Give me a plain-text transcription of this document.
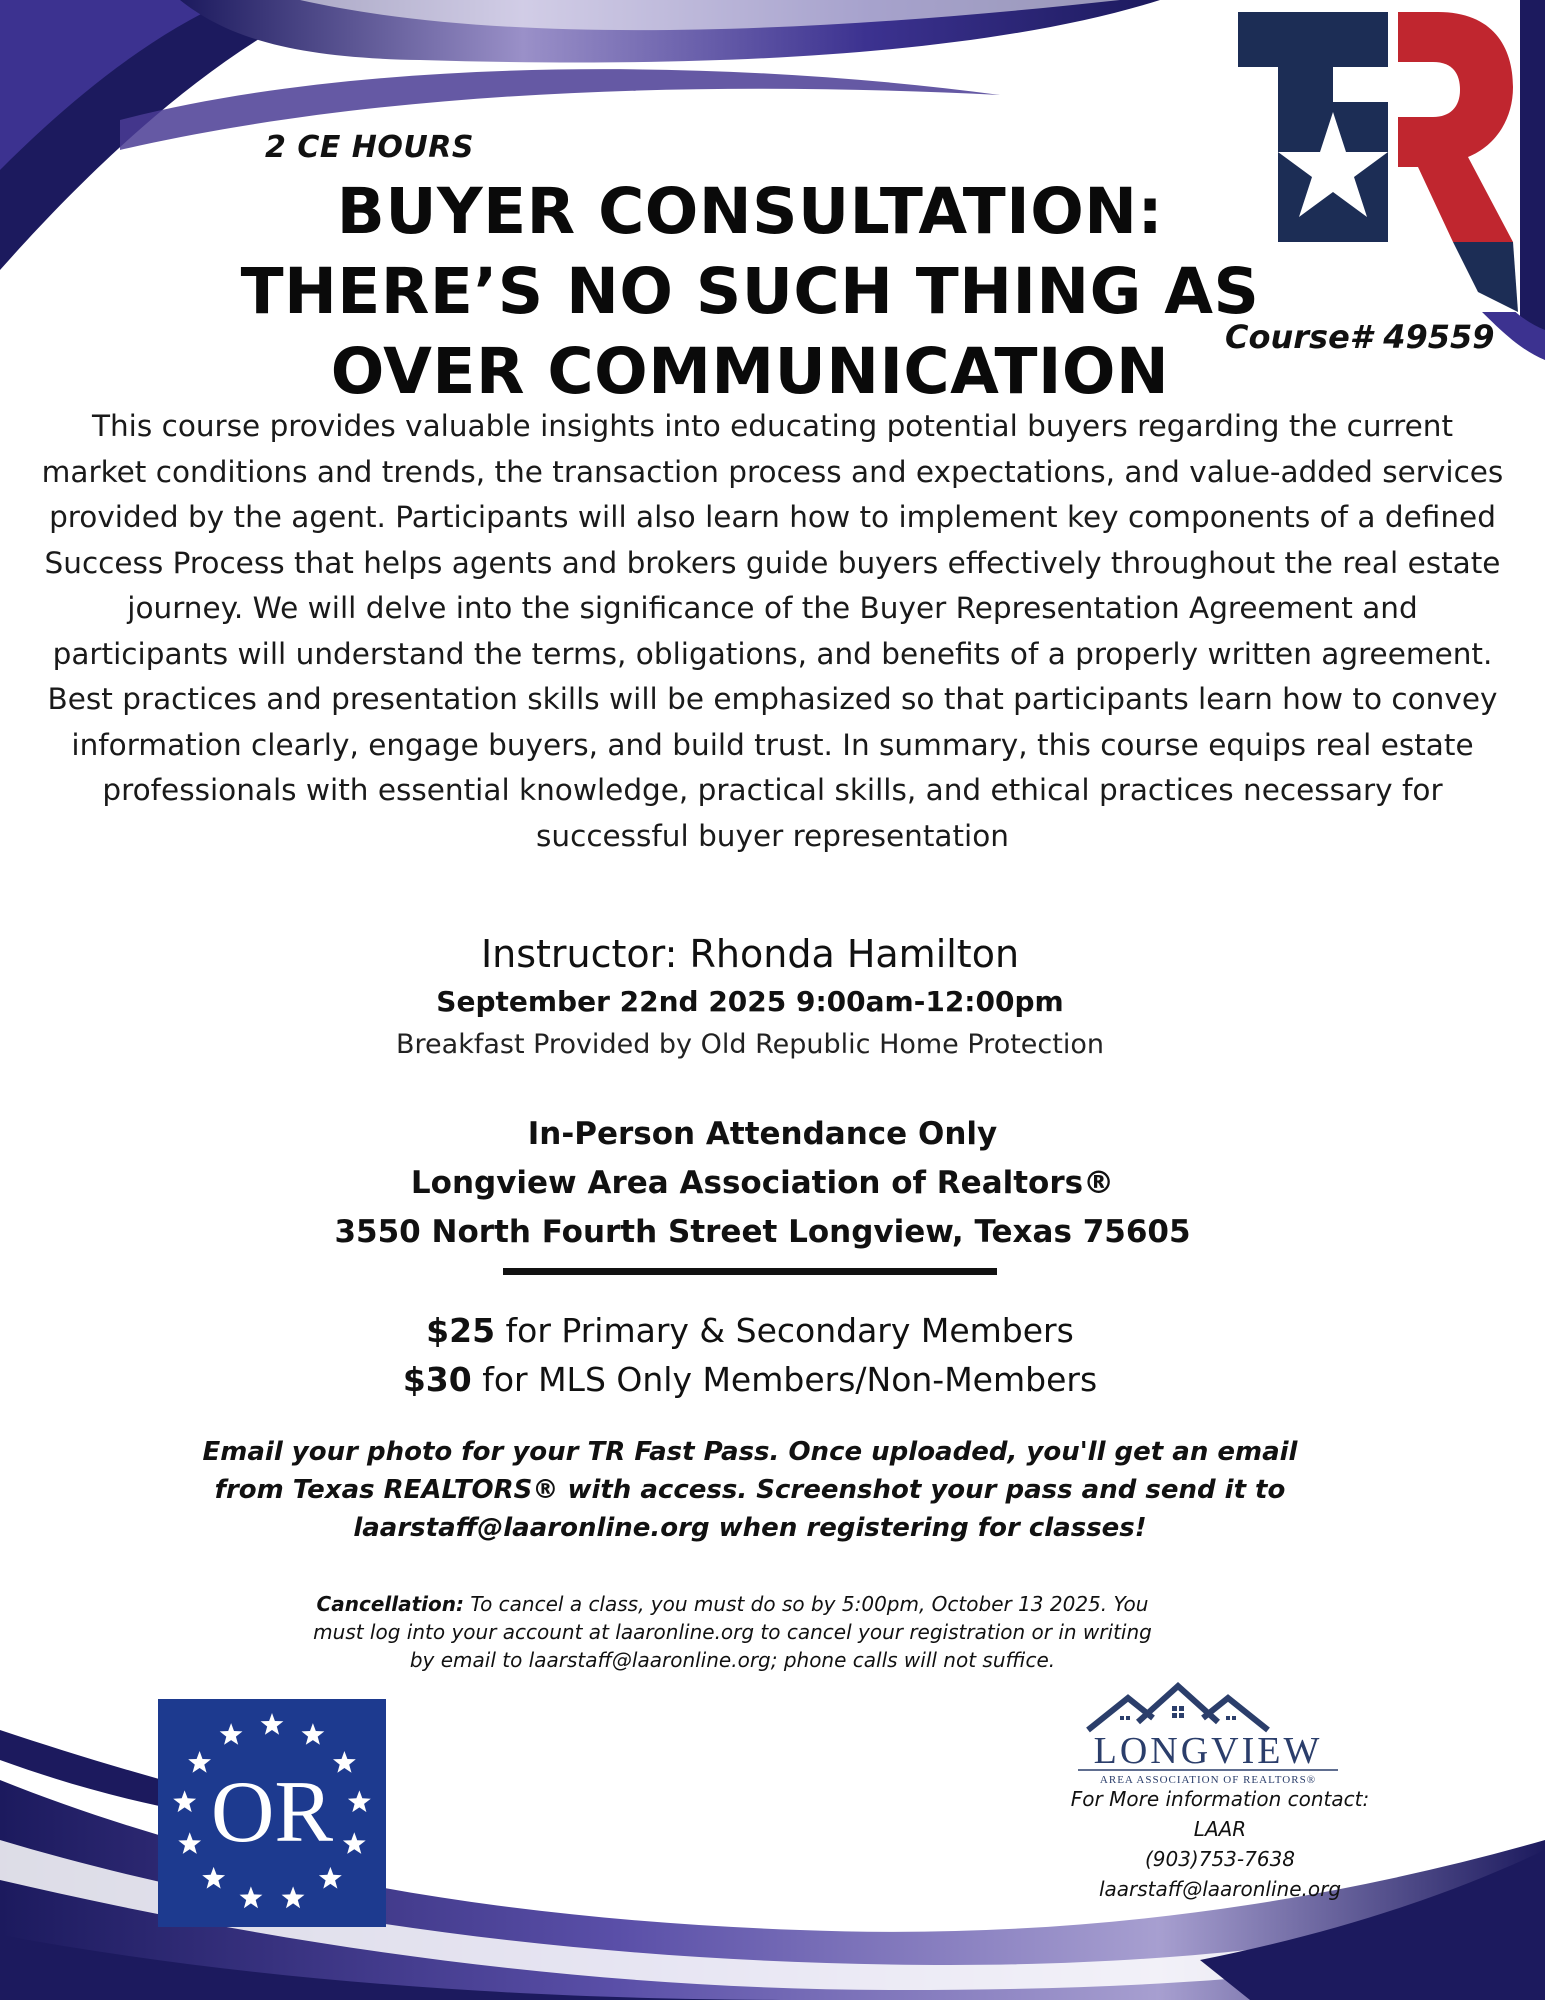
2 CE HOURS
BUYER CONSULTATION:
THERE’S NO SUCH THING AS
OVER COMMUNICATION	Course# 49559
This course provides valuable insights into educating potential buyers regarding the current market conditions and trends, the transaction process and expectations, and value-added services provided by the agent. Participants will also learn how to implement key components of a defined Success Process that helps agents and brokers guide buyers effectively throughout the real estate journey. We will delve into the significance of the Buyer Representation Agreement and participants will understand the terms, obligations, and benefits of a properly written agreement. Best practices and presentation skills will be emphasized so that participants learn how to convey information clearly, engage buyers, and build trust. In summary, this course equips real estate professionals with essential knowledge, practical skills, and ethical practices necessary for successful buyer representation
Instructor: Rhonda Hamilton
September 22nd 2025 9:00am-12:00pm
Breakfast Provided by Old Republic Home Protection
In-Person Attendance Only
Longview Area Association of Realtors®
3550 North Fourth Street Longview, Texas 75605
$25 for Primary & Secondary Members
$30 for MLS Only Members/Non-Members
Email your photo for your TR Fast Pass. Once uploaded, you'll get an email
from Texas REALTORS® with access. Screenshot your pass and send it to
laarstaff@laaronline.org when registering for classes!
Cancellation: To cancel a class, you must do so by 5:00pm, October 13 2025. You
must log into your account at laaronline.org to cancel your registration or in writing
by email to laarstaff@laaronline.org; phone calls will not suffice.
OR
LONGVIEW
AREA ASSOCIATION OF REALTORS®
For More information contact:
LAAR
(903)753-7638
laarstaff@laaronline.org
